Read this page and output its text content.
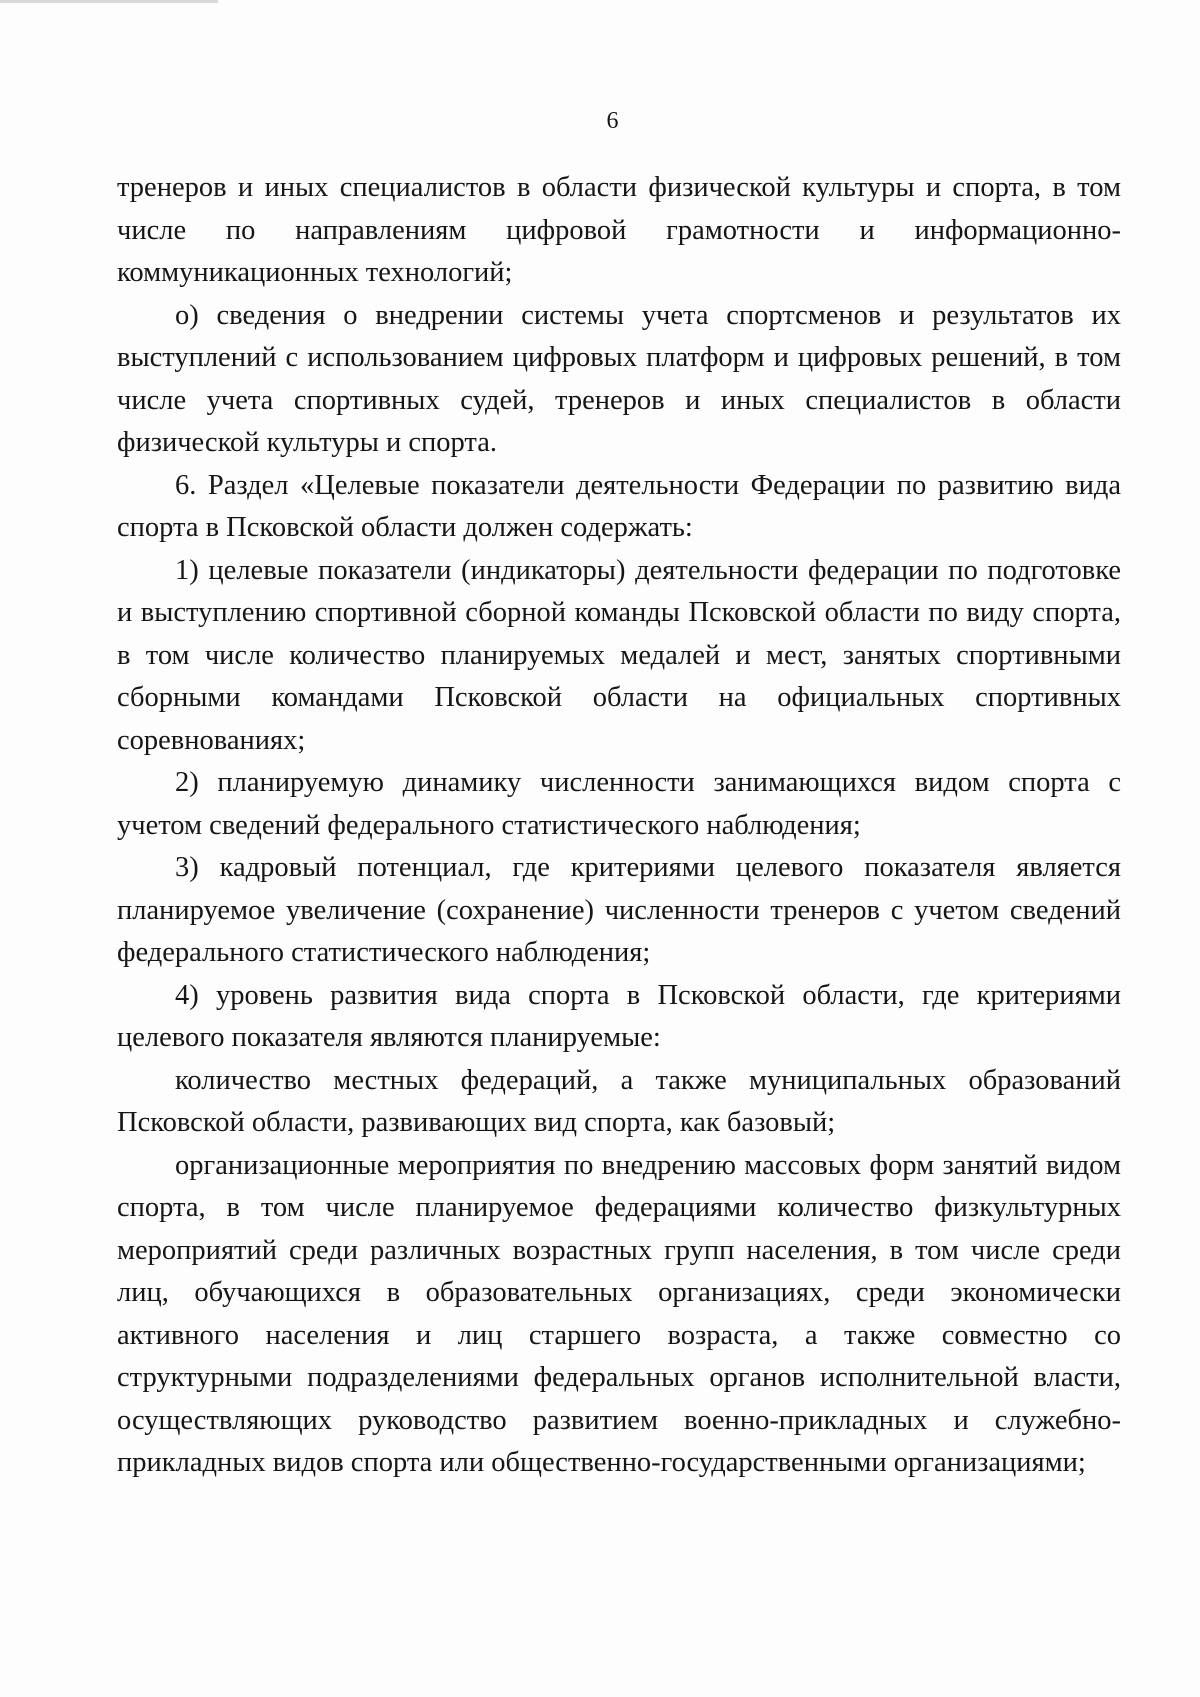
6

тренеров и иных специалистов в области физической культуры и спорта, в том числе по направлениям цифровой грамотности и информационно-коммуникационных технологий;

о) сведения о внедрении системы учета спортсменов и результатов их выступлений с использованием цифровых платформ и цифровых решений, в том числе учета спортивных судей, тренеров и иных специалистов в области физической культуры и спорта.

6. Раздел «Целевые показатели деятельности Федерации по развитию вида спорта в Псковской области должен содержать:

1) целевые показатели (индикаторы) деятельности федерации по подготовке и выступлению спортивной сборной команды Псковской области по виду спорта, в том числе количество планируемых медалей и мест, занятых спортивными сборными командами Псковской области на официальных спортивных соревнованиях;

2) планируемую динамику численности занимающихся видом спорта с учетом сведений федерального статистического наблюдения;

3) кадровый потенциал, где критериями целевого показателя является планируемое увеличение (сохранение) численности тренеров с учетом сведений федерального статистического наблюдения;

4) уровень развития вида спорта в Псковской области, где критериями целевого показателя являются планируемые:

количество местных федераций, а также муниципальных образований Псковской области, развивающих вид спорта, как базовый;

организационные мероприятия по внедрению массовых форм занятий видом спорта, в том числе планируемое федерациями количество физкультурных мероприятий среди различных возрастных групп населения, в том числе среди лиц, обучающихся в образовательных организациях, среди экономически активного населения и лиц старшего возраста, а также совместно со структурными подразделениями федеральных органов исполнительной власти, осуществляющих руководство развитием военно-прикладных и служебно-прикладных видов спорта или общественно-государственными организациями;
